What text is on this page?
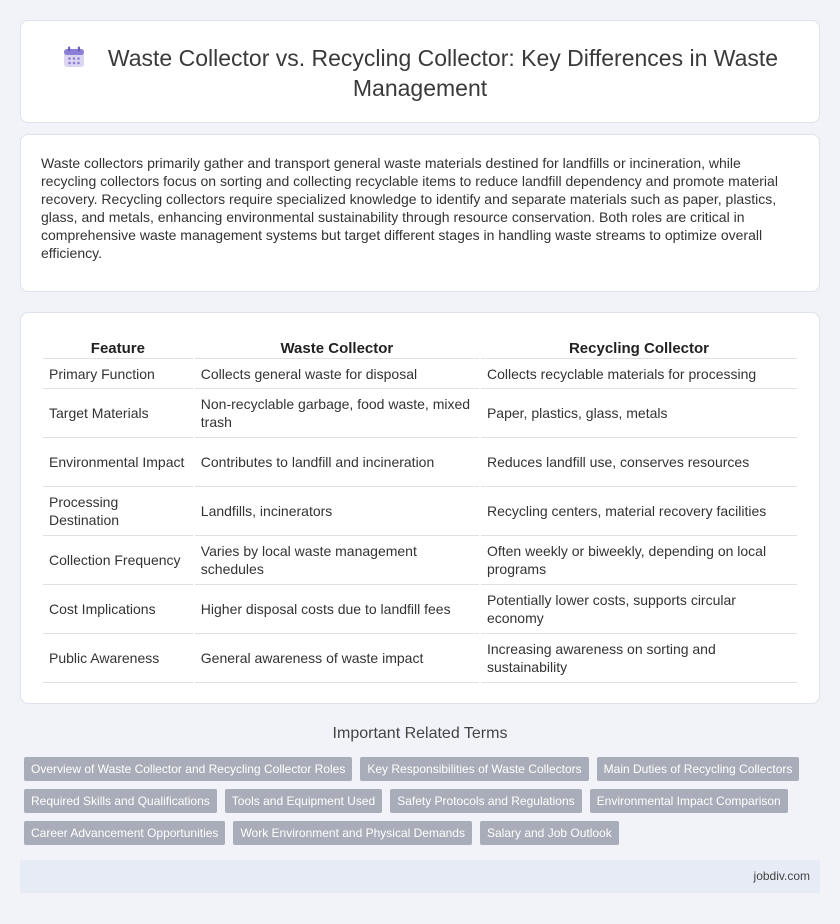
Waste Collector vs. Recycling Collector: Key Differences in Waste Management

Waste collectors primarily gather and transport general waste materials destined for landfills or incineration, while recycling collectors focus on sorting and collecting recyclable items to reduce landfill dependency and promote material recovery. Recycling collectors require specialized knowledge to identify and separate materials such as paper, plastics, glass, and metals, enhancing environmental sustainability through resource conservation. Both roles are critical in comprehensive waste management systems but target different stages in handling waste streams to optimize overall efficiency.

Feature	Waste Collector	Recycling Collector
Primary Function	Collects general waste for disposal	Collects recyclable materials for processing
Target Materials	Non-recyclable garbage, food waste, mixed trash	Paper, plastics, glass, metals
Environmental Impact	Contributes to landfill and incineration	Reduces landfill use, conserves resources
Processing Destination	Landfills, incinerators	Recycling centers, material recovery facilities
Collection Frequency	Varies by local waste management schedules	Often weekly or biweekly, depending on local programs
Cost Implications	Higher disposal costs due to landfill fees	Potentially lower costs, supports circular economy
Public Awareness	General awareness of waste impact	Increasing awareness on sorting and sustainability
Important Related Terms
Overview of Waste Collector and Recycling Collector Roles	Key Responsibilities of Waste Collectors	Main Duties of Recycling Collectors
Required Skills and Qualifications	Tools and Equipment Used	Safety Protocols and Regulations	Environmental Impact Comparison
Career Advancement Opportunities	Work Environment and Physical Demands	Salary and Job Outlook
jobdiv.com
